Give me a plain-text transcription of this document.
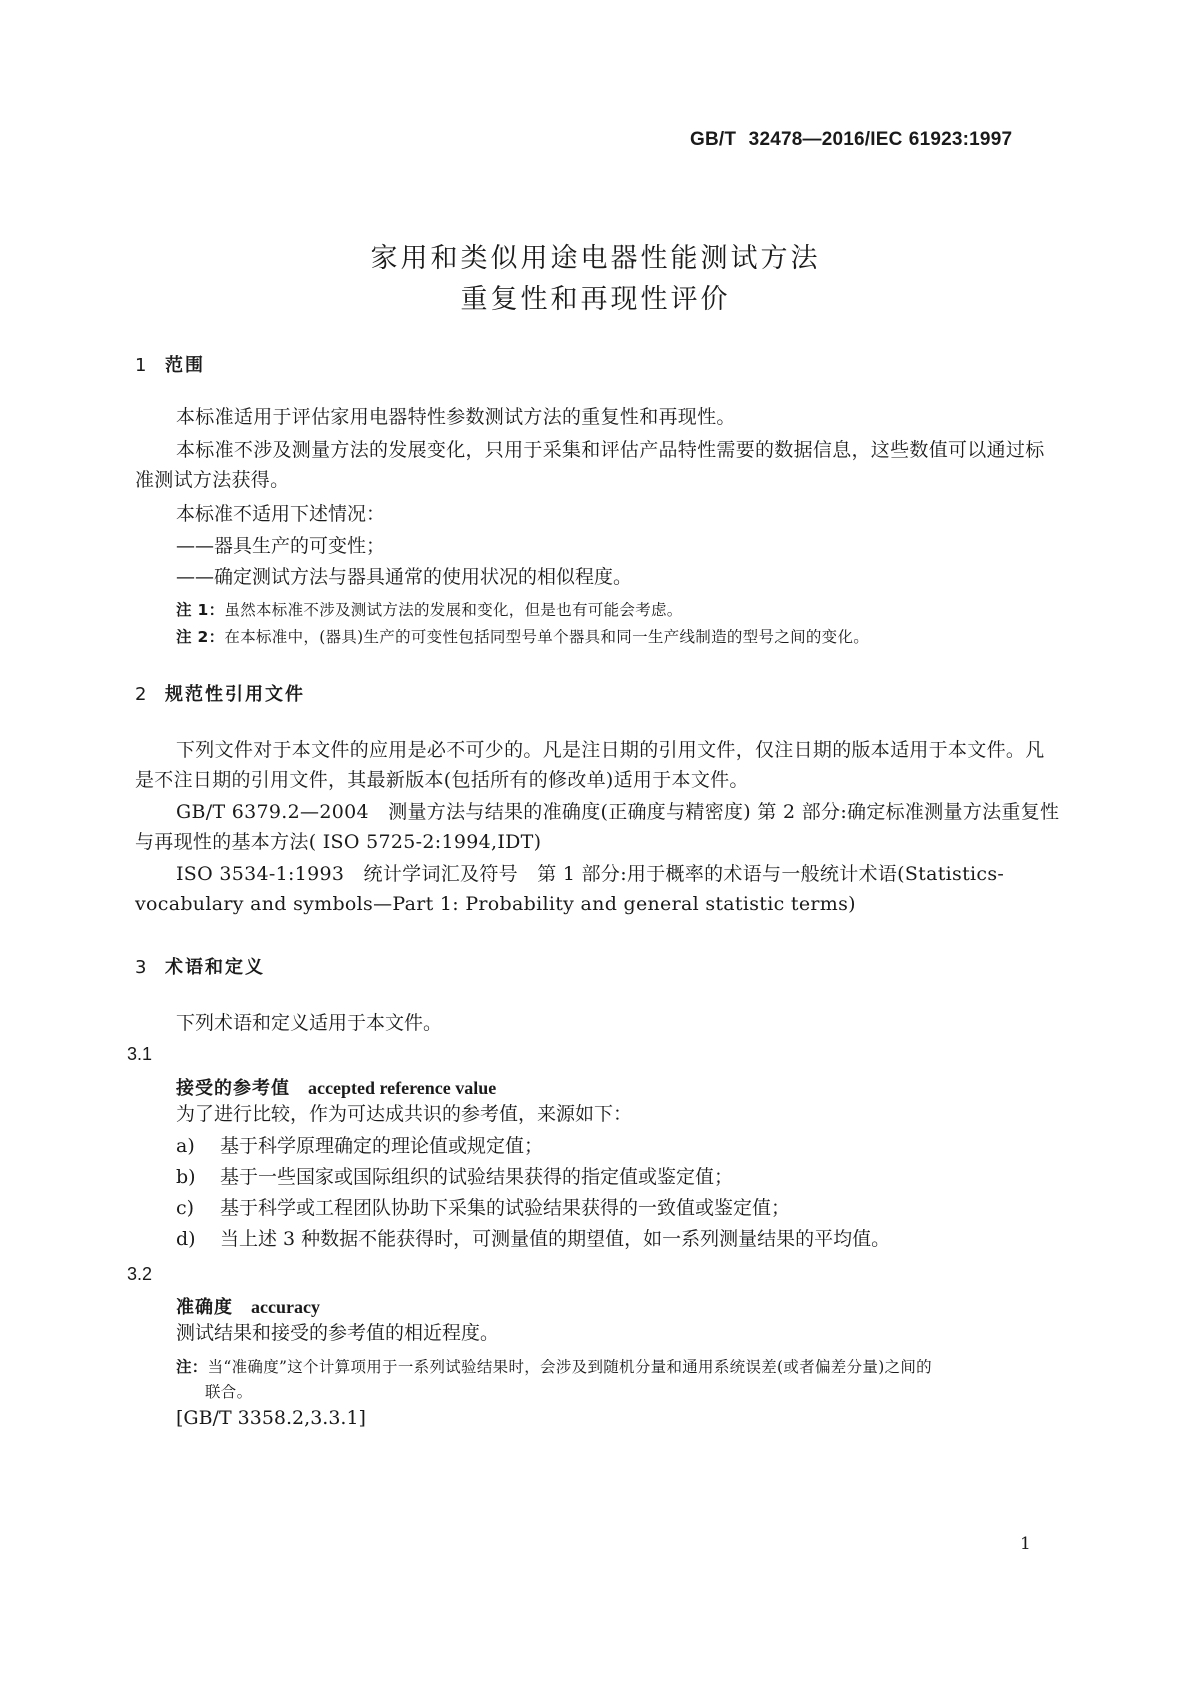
GB/T 32478—2016/IEC 61923:1997
家用和类似用途电器性能测试方法
重复性和再现性评价
1 范围
本标准适用于评估家用电器特性参数测试方法的重复性和再现性。
本标准不涉及测量方法的发展变化，只用于采集和评估产品特性需要的数据信息，这些数值可以通过标准测试方法获得。
本标准不适用下述情况：
——器具生产的可变性；
——确定测试方法与器具通常的使用状况的相似程度。
注 1：虽然本标准不涉及测试方法的发展和变化，但是也有可能会考虑。
注 2：在本标准中，(器具)生产的可变性包括同型号单个器具和同一生产线制造的型号之间的变化。
2 规范性引用文件
下列文件对于本文件的应用是必不可少的。凡是注日期的引用文件，仅注日期的版本适用于本文件。凡是不注日期的引用文件，其最新版本(包括所有的修改单)适用于本文件。
GB/T 6379.2—2004　测量方法与结果的准确度(正确度与精密度) 第 2 部分:确定标准测量方法重复性与再现性的基本方法( ISO 5725-2:1994,IDT)
ISO 3534-1:1993　统计学词汇及符号　第 1 部分:用于概率的术语与一般统计术语(Statistics-vocabulary and symbols—Part 1: Probability and general statistic terms)
3 术语和定义
下列术语和定义适用于本文件。
3.1
接受的参考值 accepted reference value
为了进行比较，作为可达成共识的参考值，来源如下：
a) 基于科学原理确定的理论值或规定值；
b) 基于一些国家或国际组织的试验结果获得的指定值或鉴定值；
c) 基于科学或工程团队协助下采集的试验结果获得的一致值或鉴定值；
d) 当上述 3 种数据不能获得时，可测量值的期望值，如一系列测量结果的平均值。
3.2
准确度 accuracy
测试结果和接受的参考值的相近程度。
注：当“准确度”这个计算项用于一系列试验结果时，会涉及到随机分量和通用系统误差(或者偏差分量)之间的
联合。
[GB/T 3358.2,3.3.1]
1
